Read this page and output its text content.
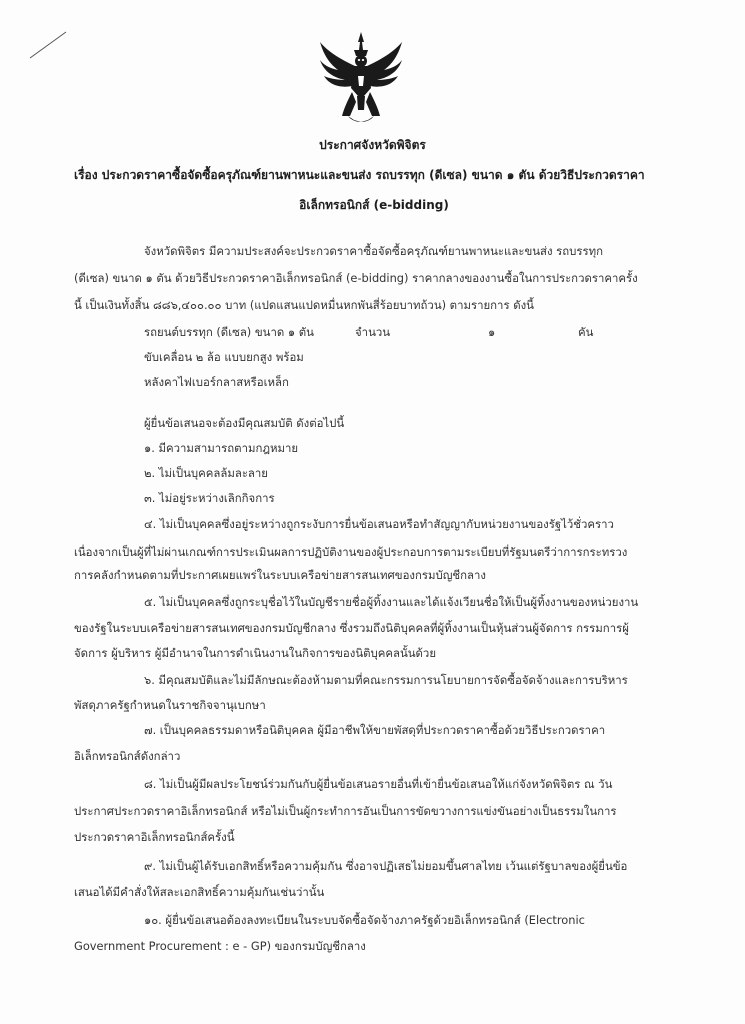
ประกาศจังหวัดพิจิตร
เรื่อง ประกวดราคาซื้อจัดซื้อครุภัณฑ์ยานพาหนะและขนส่ง รถบรรทุก (ดีเซล) ขนาด ๑ ตัน ด้วยวิธีประกวดราคา
อิเล็กทรอนิกส์ (e-bidding)
จังหวัดพิจิตร มีความประสงค์จะประกวดราคาซื้อจัดซื้อครุภัณฑ์ยานพาหนะและขนส่ง รถบรรทุก
(ดีเซล) ขนาด ๑ ตัน ด้วยวิธีประกวดราคาอิเล็กทรอนิกส์ (e-bidding) ราคากลางของงานซื้อในการประกวดราคาครั้ง
นี้ เป็นเงินทั้งสิ้น ๘๘๖,๔๐๐.๐๐ บาท (แปดแสนแปดหมื่นหกพันสี่ร้อยบาทถ้วน) ตามรายการ ดังนี้
รถยนต์บรรทุก (ดีเซล) ขนาด ๑ ตัน	จำนวน	๑	คัน
ขับเคลื่อน ๒ ล้อ แบบยกสูง พร้อม
หลังคาไฟเบอร์กลาสหรือเหล็ก
ผู้ยื่นข้อเสนอจะต้องมีคุณสมบัติ ดังต่อไปนี้
๑. มีความสามารถตามกฎหมาย
๒. ไม่เป็นบุคคลล้มละลาย
๓. ไม่อยู่ระหว่างเลิกกิจการ
๔. ไม่เป็นบุคคลซึ่งอยู่ระหว่างถูกระงับการยื่นข้อเสนอหรือทำสัญญากับหน่วยงานของรัฐไว้ชั่วคราว
เนื่องจากเป็นผู้ที่ไม่ผ่านเกณฑ์การประเมินผลการปฏิบัติงานของผู้ประกอบการตามระเบียบที่รัฐมนตรีว่าการกระทรวง
การคลังกำหนดตามที่ประกาศเผยแพร่ในระบบเครือข่ายสารสนเทศของกรมบัญชีกลาง
๕. ไม่เป็นบุคคลซึ่งถูกระบุชื่อไว้ในบัญชีรายชื่อผู้ทิ้งงานและได้แจ้งเวียนชื่อให้เป็นผู้ทิ้งงานของหน่วยงาน
ของรัฐในระบบเครือข่ายสารสนเทศของกรมบัญชีกลาง ซึ่งรวมถึงนิติบุคคลที่ผู้ทิ้งงานเป็นหุ้นส่วนผู้จัดการ กรรมการผู้
จัดการ ผู้บริหาร ผู้มีอำนาจในการดำเนินงานในกิจการของนิติบุคคลนั้นด้วย
๖. มีคุณสมบัติและไม่มีลักษณะต้องห้ามตามที่คณะกรรมการนโยบายการจัดซื้อจัดจ้างและการบริหาร
พัสดุภาครัฐกำหนดในราชกิจจานุเบกษา
๗. เป็นบุคคลธรรมดาหรือนิติบุคคล ผู้มีอาชีพให้ขายพัสดุที่ประกวดราคาซื้อด้วยวิธีประกวดราคา
อิเล็กทรอนิกส์ดังกล่าว
๘. ไม่เป็นผู้มีผลประโยชน์ร่วมกันกับผู้ยื่นข้อเสนอรายอื่นที่เข้ายื่นข้อเสนอให้แก่จังหวัดพิจิตร ณ วัน
ประกาศประกวดราคาอิเล็กทรอนิกส์ หรือไม่เป็นผู้กระทำการอันเป็นการขัดขวางการแข่งขันอย่างเป็นธรรมในการ
ประกวดราคาอิเล็กทรอนิกส์ครั้งนี้
๙. ไม่เป็นผู้ได้รับเอกสิทธิ์หรือความคุ้มกัน ซึ่งอาจปฏิเสธไม่ยอมขึ้นศาลไทย เว้นแต่รัฐบาลของผู้ยื่นข้อ
เสนอได้มีคำสั่งให้สละเอกสิทธิ์ความคุ้มกันเช่นว่านั้น
๑๐. ผู้ยื่นข้อเสนอต้องลงทะเบียนในระบบจัดซื้อจัดจ้างภาครัฐด้วยอิเล็กทรอนิกส์ (Electronic
Government Procurement : e - GP) ของกรมบัญชีกลาง
